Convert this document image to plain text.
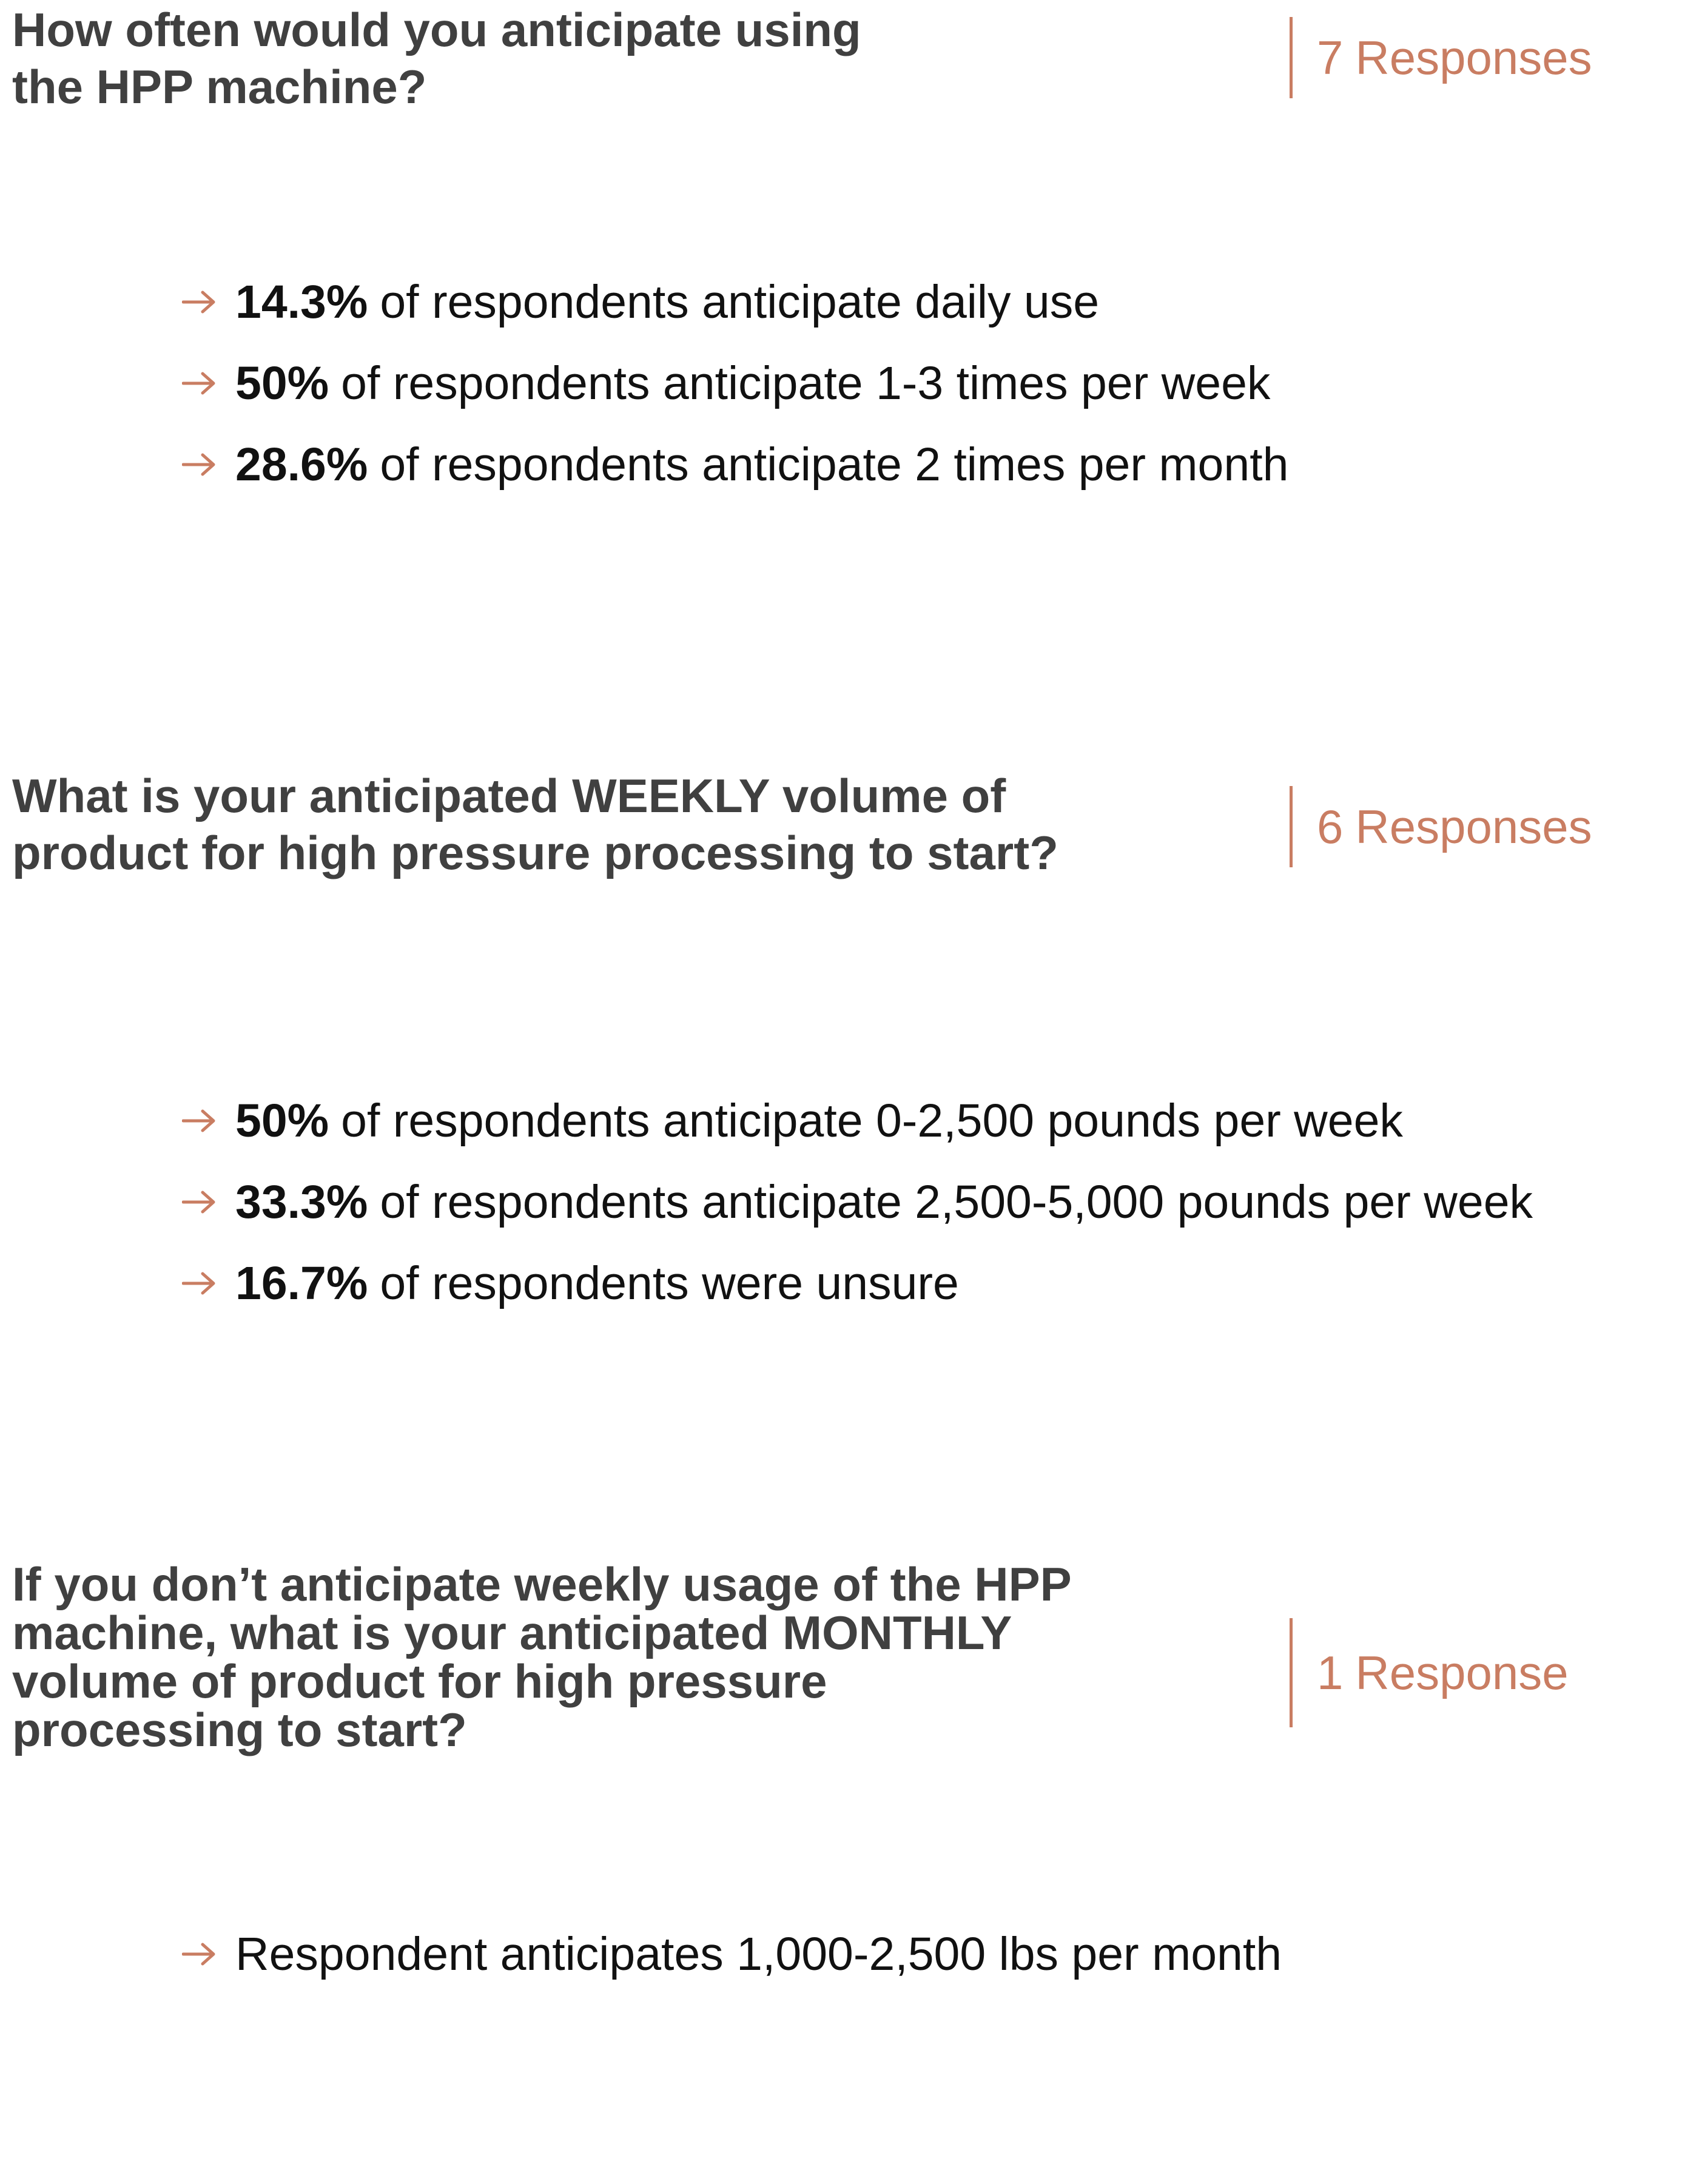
How often would you anticipate using
the HPP machine?
7 Responses
14.3% of respondents anticipate daily use
50% of respondents anticipate 1-3 times per week
28.6% of respondents anticipate 2 times per month
What is your anticipated WEEKLY volume of
product for high pressure processing to start?	6 Responses
50% of respondents anticipate 0-2,500 pounds per week
33.3% of respondents anticipate 2,500-5,000 pounds per week
16.7% of respondents were unsure
If you don’t anticipate weekly usage of the HPP
machine, what is your anticipated MONTHLY
volume of product for high pressure
processing to start?
1 Response
Respondent anticipates 1,000-2,500 lbs per month
